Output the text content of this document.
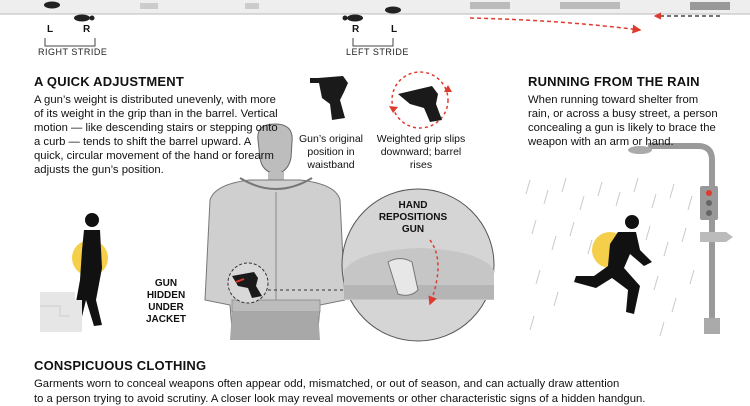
L	R
RIGHT STRIDE
R	L
LEFT STRIDE
A QUICK ADJUSTMENT
A gun’s weight is distributed unevenly, with more of its weight in the grip than in the barrel. Vertical motion — like descending stairs or stepping onto a curb — tends to shift the barrel upward. A quick, circular movement of the hand or forearm adjusts the gun’s position.
Gun’s original position in waistband
Weighted grip slips downward; barrel rises
GUN HIDDEN UNDER JACKET
HAND REPOSITIONS GUN
RUNNING FROM THE RAIN
When running toward shelter from rain, or across a busy street, a person concealing a gun is likely to brace the weapon with an arm or hand.
CONSPICUOUS CLOTHING
Garments worn to conceal weapons often appear odd, mismatched, or out of season, and can actually draw attention
to a person trying to avoid scrutiny. A closer look may reveal movements or other characteristic signs of a hidden handgun.
